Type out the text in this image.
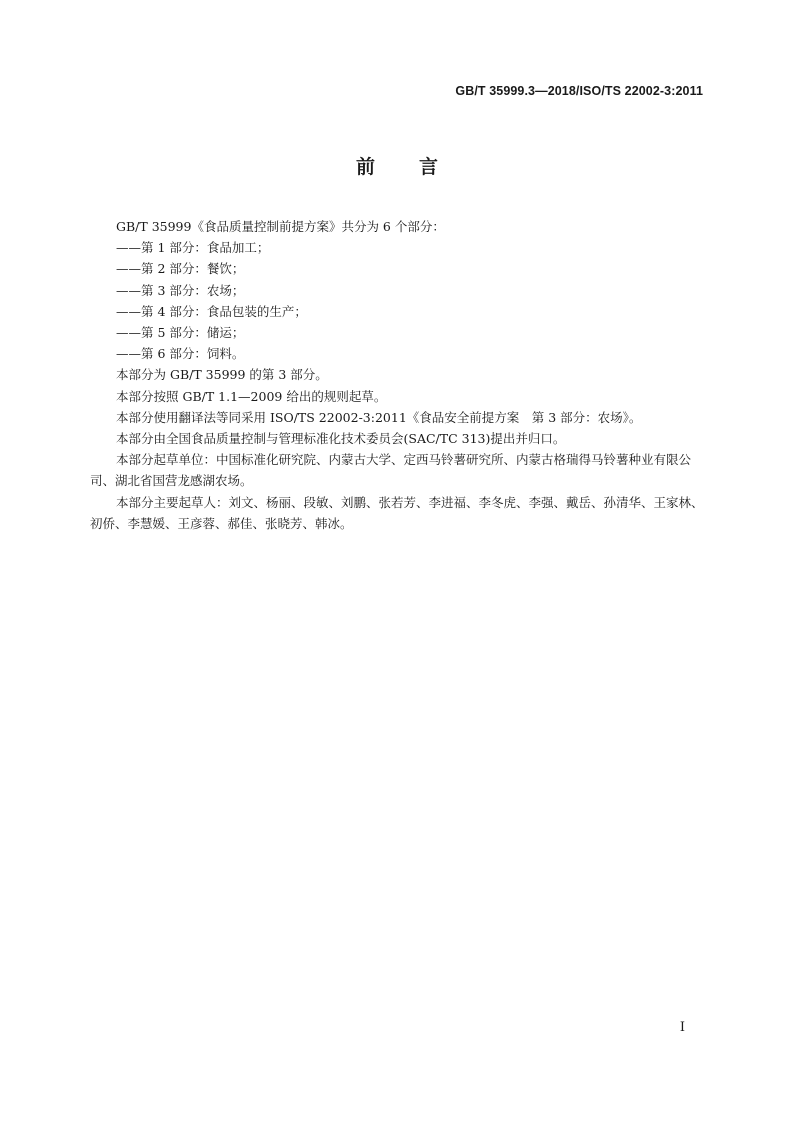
GB/T 35999.3—2018/ISO/TS 22002-3:2011
前言

GB/T 35999《食品质量控制前提方案》共分为 6 个部分：

——第 1 部分：食品加工；

——第 2 部分：餐饮；

——第 3 部分：农场；

——第 4 部分：食品包装的生产；

——第 5 部分：储运；

——第 6 部分：饲料。

本部分为 GB/T 35999 的第 3 部分。

本部分按照 GB/T 1.1—2009 给出的规则起草。

本部分使用翻译法等同采用 ISO/TS 22002-3:2011《食品安全前提方案　第 3 部分：农场》。

本部分由全国食品质量控制与管理标准化技术委员会(SAC/TC 313)提出并归口。

本部分起草单位：中国标准化研究院、内蒙古大学、定西马铃薯研究所、内蒙古格瑞得马铃薯种业有限公司、湖北省国营龙感湖农场。

本部分主要起草人：刘文、杨丽、段敏、刘鹏、张若芳、李进福、李冬虎、李强、戴岳、孙清华、王家林、初侨、李慧媛、王彦蓉、郝佳、张晓芳、韩冰。

I
